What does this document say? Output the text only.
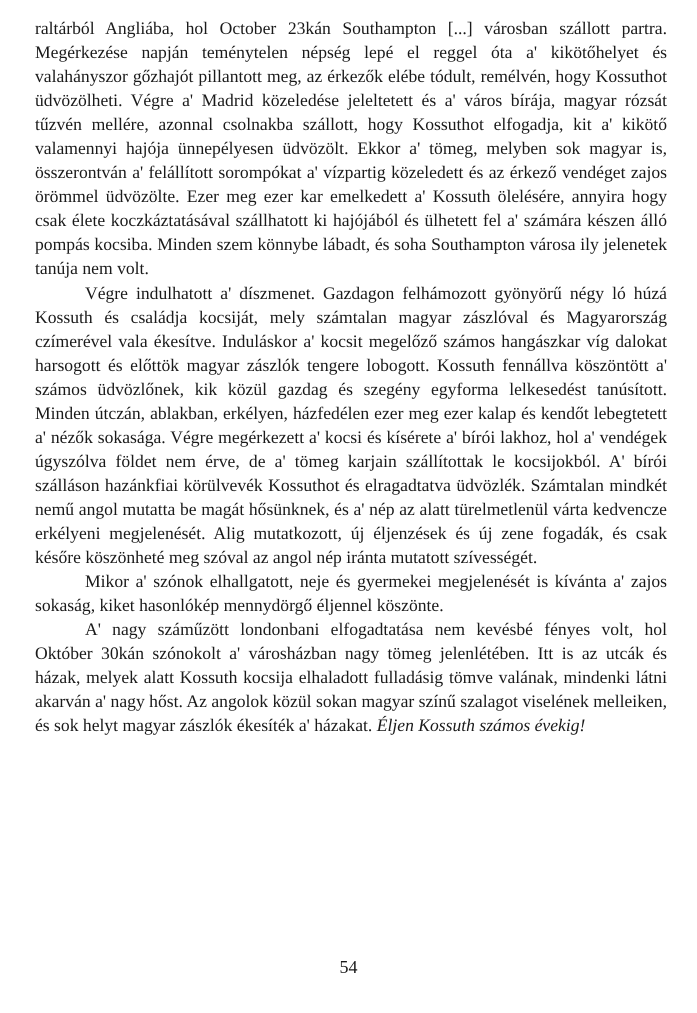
raltárból Angliába, hol October 23kán Southampton [...] városban szállott partra. Megérkezése napján teménytelen népség lepé el reggel óta a' kikötőhelyet és valahányszor gőzhajót pillantott meg, az érkezők elébe tódult, remélvén, hogy Kossuthot üdvözölheti. Végre a' Madrid közeledése jeleltetett és a' város bírája, magyar rózsát tűzvén mellére, azonnal csolnakba szállott, hogy Kossuthot elfogadja, kit a' kikötő valamennyi hajója ünnepélyesen üdvözölt. Ekkor a' tömeg, melyben sok magyar is, összerontván a' felállított sorompókat a' vízpartig közeledett és az érkező vendéget zajos örömmel üdvözölte. Ezer meg ezer kar emelkedett a' Kossuth ölelésére, annyira hogy csak élete koczkáztatásával szállhatott ki hajójából és ülhetett fel a' számára készen álló pompás kocsiba. Minden szem könnybe lábadt, és soha Southampton városa ily jelenetek tanúja nem volt.

Végre indulhatott a' díszmenet. Gazdagon felhámozott gyönyörű négy ló húzá Kossuth és családja kocsiját, mely számtalan magyar zászlóval és Magyarország czímerével vala ékesítve. Induláskor a' kocsit megelőző számos hangászkar víg dalokat harsogott és előttök magyar zászlók tengere lobogott. Kossuth fennállva köszöntött a' számos üdvözlőnek, kik közül gazdag és szegény egyforma lelkesedést tanúsított. Minden útczán, ablakban, erkélyen, házfedélen ezer meg ezer kalap és kendőt lebegtetett a' nézők sokasága. Végre megérkezett a' kocsi és kísérete a' bírói lakhoz, hol a' vendégek úgyszólva földet nem érve, de a' tömeg karjain szállítottak le kocsijokból. A' bírói szálláson hazánkfiai körülvevék Kossuthot és elragadtatva üdvözlék. Számtalan mindkét nemű angol mutatta be magát hősünknek, és a' nép az alatt türelmetlenül várta kedvencze erkélyeni megjelenését. Alig mutatkozott, új éljenzések és új zene fogadák, és csak későre köszönheté meg szóval az angol nép iránta mutatott szívességét.

Mikor a' szónok elhallgatott, neje és gyermekei megjelenését is kívánta a' zajos sokaság, kiket hasonlókép mennydörgő éljennel köszönte.

A' nagy száműzött londonbani elfogadtatása nem kevésbé fényes volt, hol Október 30kán szónokolt a' városházban nagy tömeg jelenlétében. Itt is az utcák és házak, melyek alatt Kossuth kocsija elhaladott fulladásig tömve valának, mindenki látni akarván a' nagy hőst. Az angolok közül sokan magyar színű szalagot viselének melleiken, és sok helyt magyar zászlók ékesíték a' házakat. Éljen Kossuth számos évekig!

54
